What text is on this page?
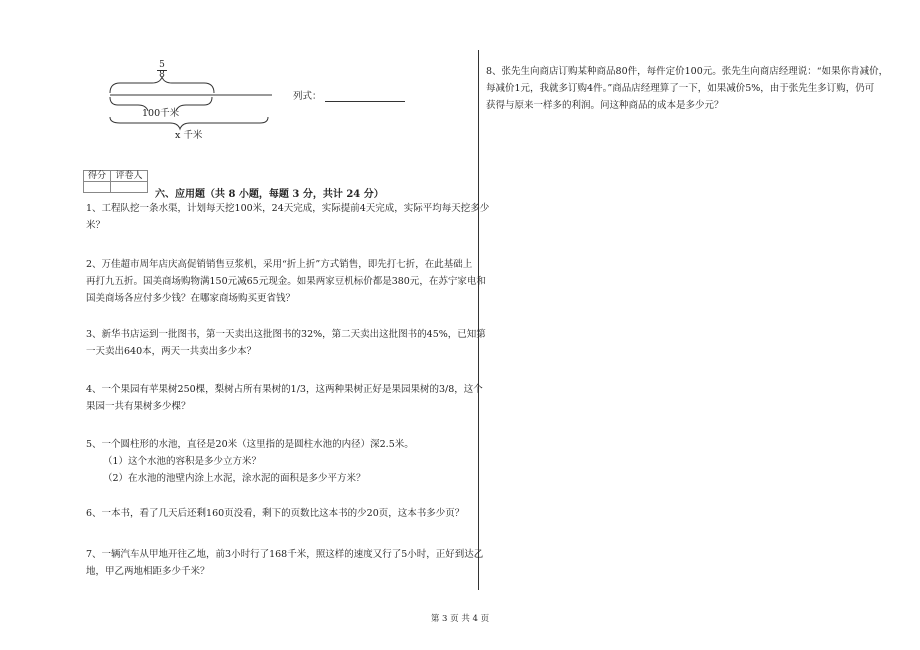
5
8
100千米
x 千米
列式：
得分	评卷人

六、应用题（共 8 小题，每题 3 分，共计 24 分）
1、工程队挖一条水渠，计划每天挖100米，24天完成，实际提前4天完成，实际平均每天挖多少
米？
2、万佳超市周年店庆高促销销售豆浆机，采用“折上折”方式销售，即先打七折，在此基础上
再打九五折。国美商场购物满150元减65元现金。如果两家豆机标价都是380元，在苏宁家电和
国美商场各应付多少钱？在哪家商场购买更省钱？
3、新华书店运到一批图书，第一天卖出这批图书的32%，第二天卖出这批图书的45%，已知第
一天卖出640本，两天一共卖出多少本？
4、一个果园有苹果树250棵，梨树占所有果树的1/3，这两种果树正好是果园果树的3/8，这个
果园一共有果树多少棵？
5、一个圆柱形的水池，直径是20米（这里指的是圆柱水池的内径）深2.5米。
（1）这个水池的容积是多少立方米？
（2）在水池的池壁内涂上水泥，涂水泥的面积是多少平方米？
6、一本书，看了几天后还剩160页没看，剩下的页数比这本书的少20页，这本书多少页？
7、一辆汽车从甲地开往乙地，前3小时行了168千米，照这样的速度又行了5小时，正好到达乙
地，甲乙两地相距多少千米？
8、张先生向商店订购某种商品80件，每件定价100元。张先生向商店经理说：“如果你肯减价，
每减价1元，我就多订购4件。”商品店经理算了一下，如果减价5%，由于张先生多订购，仍可
获得与原来一样多的利润。问这种商品的成本是多少元？
第 3 页 共 4 页
